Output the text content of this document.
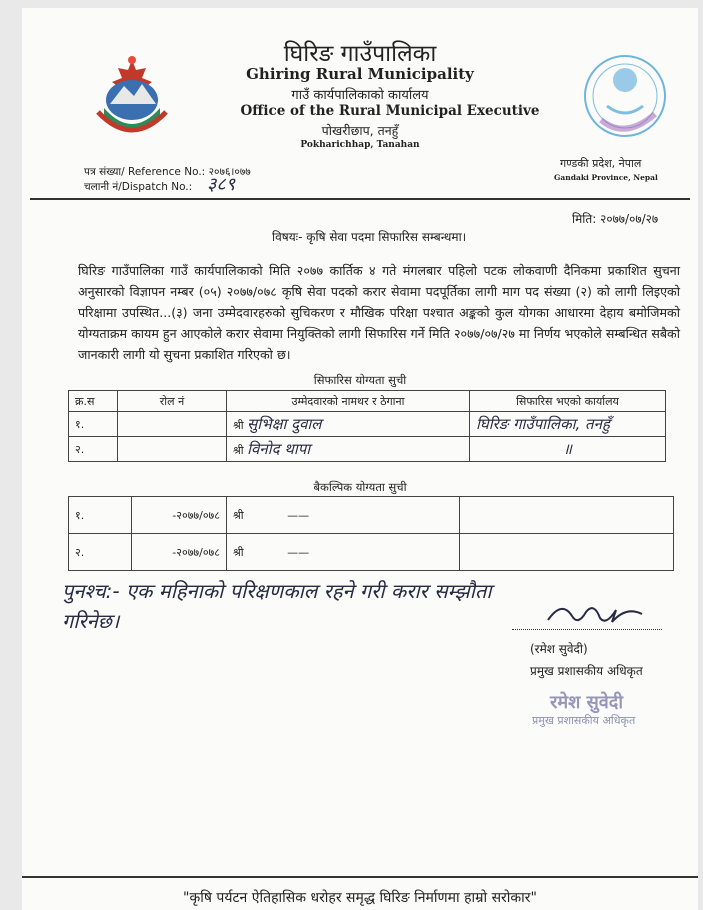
घिरिङ गाउँपालिका
Ghiring Rural Municipality
गाउँ कार्यपालिकाको कार्यालय
Office of the Rural Municipal Executive
पोखरीछाप, तनहुँ
Pokharichhap, Tanahan
गण्डकी प्रदेश, नेपाल
Gandaki Province, Nepal
पत्र संख्या/ Reference No.: २०७६।०७७
चलानी नं/Dispatch No.: ३८९
मिति: २०७७/०७/२७
विषयः- कृषि सेवा पदमा सिफारिस सम्बन्धमा।
घिरिङ गाउँपालिका गाउँ कार्यपालिकाको मिति २०७७ कार्तिक ४ गते मंगलबार पहिलो पटक लोकवाणी दैनिकमा प्रकाशित सुचना अनुसारको विज्ञापन नम्बर (०५) २०७७/०७८ कृषि सेवा पदको करार सेवामा पदपूर्तिका लागी माग पद संख्या (२) को लागी लिइएको परिक्षामा उपस्थित...(३) जना उम्मेदवारहरुको सुचिकरण र मौखिक परिक्षा पश्चात अङ्कको कुल योगका आधारमा देहाय बमोजिमको योग्यताक्रम कायम हुन आएकोले करार सेवामा नियुक्तिको लागी सिफारिस गर्ने मिति २०७७/०७/२७ मा निर्णय भएकोले सम्बन्धित सबैको जानकारी लागी यो सुचना प्रकाशित गरिएको छ।
सिफारिस योग्यता सुची
क्र.स	रोल नं	उम्मेदवारको नामथर र ठेगाना	सिफारिस भएको कार्यालय
१.		श्री सुभिक्षा दुवाल	घिरिङ गाउँपालिका, तनहुँ
२.		श्री विनोद थापा	॥
बैकल्पिक योग्यता सुची
१.	-२०७७/०७८	श्री ——	
२.	-२०७७/०७८	श्री ——	
पुनश्च:- एक महिनाको परिक्षणकाल रहने गरी करार सम्झौता गरिनेछ।
(रमेश सुवेदी)
प्रमुख प्रशासकीय अधिकृत
रमेश सुवेदी
प्रमुख प्रशासकीय अधिकृत
"कृषि पर्यटन ऐतिहासिक धरोहर समृद्ध घिरिङ निर्माणमा हाम्रो सरोकार"
